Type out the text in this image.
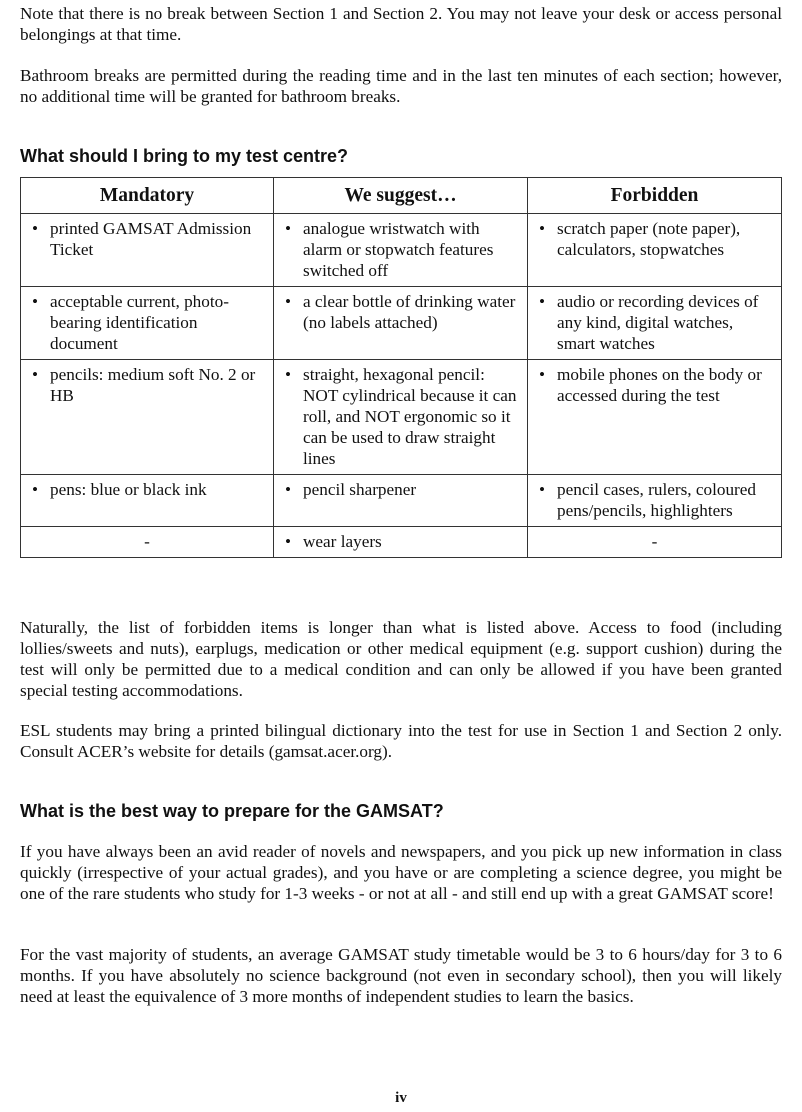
Note that there is no break between Section 1 and Section 2. You may not leave your desk or access personal belongings at that time.

Bathroom breaks are permitted during the reading time and in the last ten minutes of each section; however, no additional time will be granted for bathroom breaks.

What should I bring to my test centre?
Mandatory	We suggest…	Forbidden

• printed GAMSAT Admission Ticket	• analogue wristwatch with alarm or stopwatch features switched off	• scratch paper (note paper), calculators, stopwatches

• acceptable current, photo-bearing identification document	• a clear bottle of drinking water (no labels attached)	• audio or recording devices of any kind, digital watches, smart watches

• pencils: medium soft No. 2 or HB	• straight, hexagonal pencil: NOT cylindrical because it can roll, and NOT ergonomic so it can be used to draw straight lines	• mobile phones on the body or accessed during the test

• pens: blue or black ink	• pencil sharpener	• pencil cases, rulers, coloured pens/pencils, highlighters

-	• wear layers	-

Naturally, the list of forbidden items is longer than what is listed above. Access to food (including lollies/sweets and nuts), earplugs, medication or other medical equipment (e.g. support cushion) during the test will only be permitted due to a medical condition and can only be allowed if you have been granted special testing accommodations.

ESL students may bring a printed bilingual dictionary into the test for use in Section 1 and Section 2 only. Consult ACER’s website for details (gamsat.acer.org).

What is the best way to prepare for the GAMSAT?

If you have always been an avid reader of novels and newspapers, and you pick up new information in class quickly (irrespective of your actual grades), and you have or are completing a science degree, you might be one of the rare students who study for 1-3 weeks - or not at all - and still end up with a great GAMSAT score!

For the vast majority of students, an average GAMSAT study timetable would be 3 to 6 hours/day for 3 to 6 months. If you have absolutely no science background (not even in secondary school), then you will likely need at least the equivalence of 3 more months of independent studies to learn the basics.

iv
